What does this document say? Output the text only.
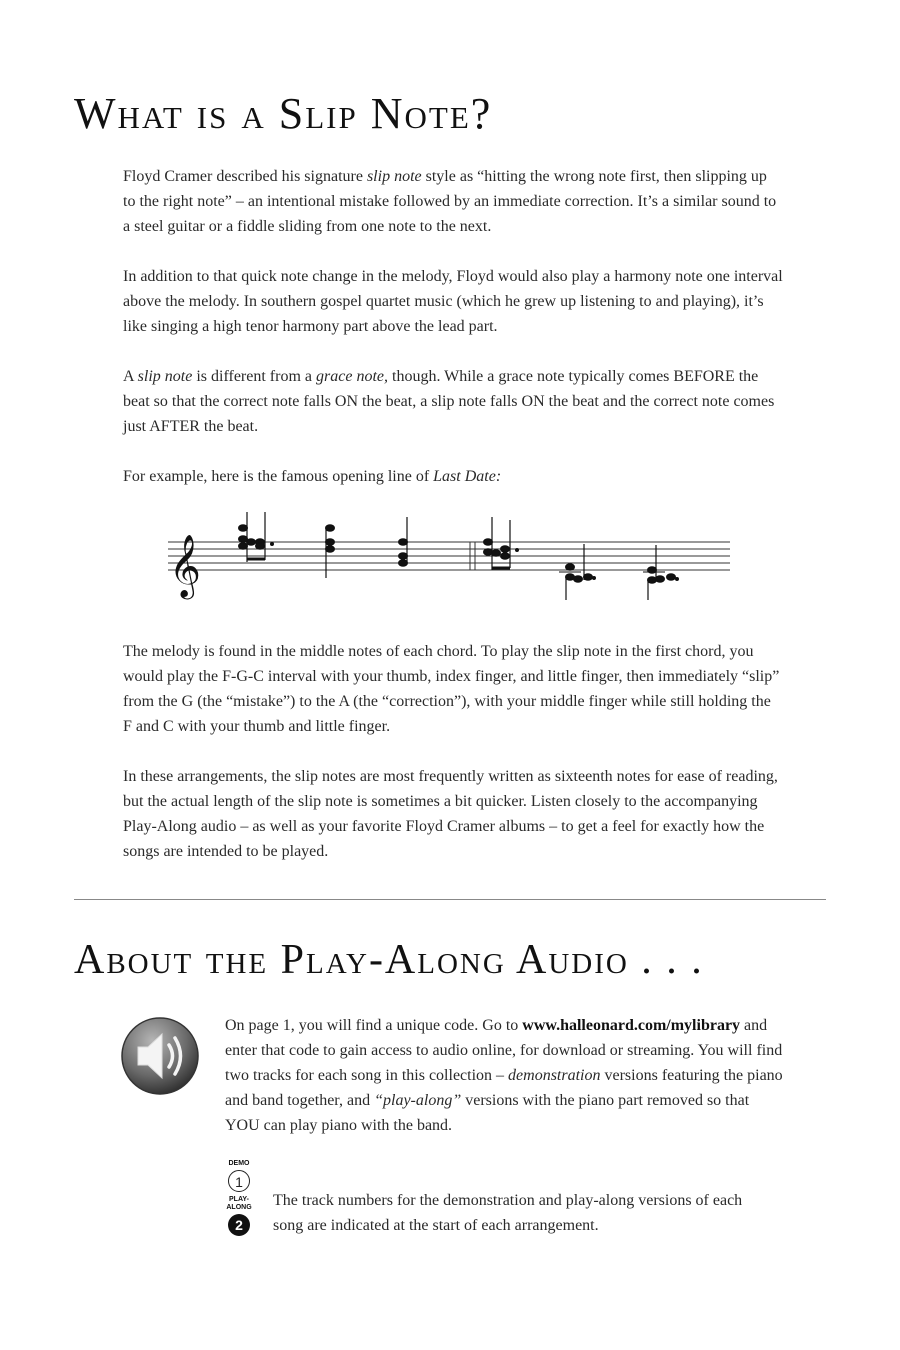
What is a Slip Note?

Floyd Cramer described his signature slip note style as “hitting the wrong note first, then slipping up to the right note” – an intentional mistake followed by an immediate correction. It’s a similar sound to a steel guitar or a fiddle sliding from one note to the next.

In addition to that quick note change in the melody, Floyd would also play a harmony note one interval above the melody. In southern gospel quartet music (which he grew up listening to and playing), it’s like singing a high tenor harmony part above the lead part.

A slip note is different from a grace note, though. While a grace note typically comes BEFORE the beat so that the correct note falls ON the beat, a slip note falls ON the beat and the correct note comes just AFTER the beat.

For example, here is the famous opening line of Last Date:

𝄞

The melody is found in the middle notes of each chord. To play the slip note in the first chord, you would play the F-G-C interval with your thumb, index finger, and little finger, then immediately “slip” from the G (the “mistake”) to the A (the “correction”), with your middle finger while still holding the F and C with your thumb and little finger.

In these arrangements, the slip notes are most frequently written as sixteenth notes for ease of reading, but the actual length of the slip note is sometimes a bit quicker. Listen closely to the accompanying Play-Along audio – as well as your favorite Floyd Cramer albums – to get a feel for exactly how the songs are intended to be played.

About the Play-Along Audio . . .

On page 1, you will find a unique code. Go to www.halleonard.com/mylibrary and enter that code to gain access to audio online, for download or streaming. You will find two tracks for each song in this collection – demonstration versions featuring the piano and band together, and “play-along” versions with the piano part removed so that YOU can play piano with the band.

DEMO
1
PLAY-
ALONG
2

The track numbers for the demonstration and play-along versions of each song are indicated at the start of each arrangement.
